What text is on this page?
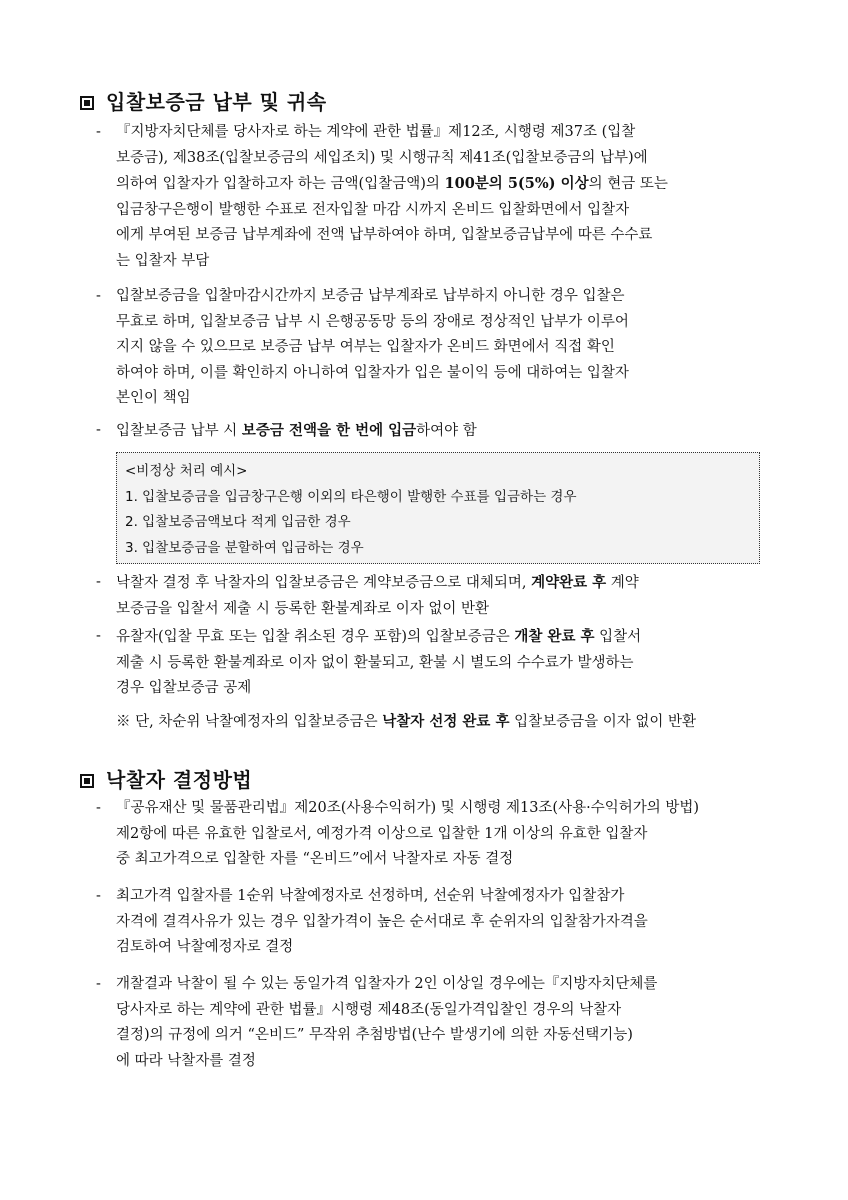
입찰보증금 납부 및 귀속
- 『지방자치단체를 당사자로 하는 계약에 관한 법률』제12조, 시행령 제37조 (입찰
보증금), 제38조(입찰보증금의 세입조치) 및 시행규칙 제41조(입찰보증금의 납부)에
의하여 입찰자가 입찰하고자 하는 금액(입찰금액)의 100분의 5(5%) 이상의 현금 또는
입금창구은행이 발행한 수표로 전자입찰 마감 시까지 온비드 입찰화면에서 입찰자
에게 부여된 보증금 납부계좌에 전액 납부하여야 하며, 입찰보증금납부에 따른 수수료
는 입찰자 부담
- 입찰보증금을 입찰마감시간까지 보증금 납부계좌로 납부하지 아니한 경우 입찰은
무효로 하며, 입찰보증금 납부 시 은행공동망 등의 장애로 정상적인 납부가 이루어
지지 않을 수 있으므로 보증금 납부 여부는 입찰자가 온비드 화면에서 직접 확인
하여야 하며, 이를 확인하지 아니하여 입찰자가 입은 불이익 등에 대하여는 입찰자
본인이 책임
- 입찰보증금 납부 시 보증금 전액을 한 번에 입금하여야 함
<비정상 처리 예시>
1. 입찰보증금을 입금창구은행 이외의 타은행이 발행한 수표를 입금하는 경우
2. 입찰보증금액보다 적게 입금한 경우
3. 입찰보증금을 분할하여 입금하는 경우
- 낙찰자 결정 후 낙찰자의 입찰보증금은 계약보증금으로 대체되며, 계약완료 후 계약
보증금을 입찰서 제출 시 등록한 환불계좌로 이자 없이 반환
- 유찰자(입찰 무효 또는 입찰 취소된 경우 포함)의 입찰보증금은 개찰 완료 후 입찰서
제출 시 등록한 환불계좌로 이자 없이 환불되고, 환불 시 별도의 수수료가 발생하는
경우 입찰보증금 공제
※ 단, 차순위 낙찰예정자의 입찰보증금은 낙찰자 선정 완료 후 입찰보증금을 이자 없이 반환
낙찰자 결정방법
- 『공유재산 및 물품관리법』제20조(사용수익허가) 및 시행령 제13조(사용·수익허가의 방법)
제2항에 따른 유효한 입찰로서, 예정가격 이상으로 입찰한 1개 이상의 유효한 입찰자
중 최고가격으로 입찰한 자를 “온비드”에서 낙찰자로 자동 결정
- 최고가격 입찰자를 1순위 낙찰예정자로 선정하며, 선순위 낙찰예정자가 입찰참가
자격에 결격사유가 있는 경우 입찰가격이 높은 순서대로 후 순위자의 입찰참가자격을
검토하여 낙찰예정자로 결정
- 개찰결과 낙찰이 될 수 있는 동일가격 입찰자가 2인 이상일 경우에는『지방자치단체를
당사자로 하는 계약에 관한 법률』시행령 제48조(동일가격입찰인 경우의 낙찰자
결정)의 규정에 의거 “온비드” 무작위 추첨방법(난수 발생기에 의한 자동선택기능)
에 따라 낙찰자를 결정
